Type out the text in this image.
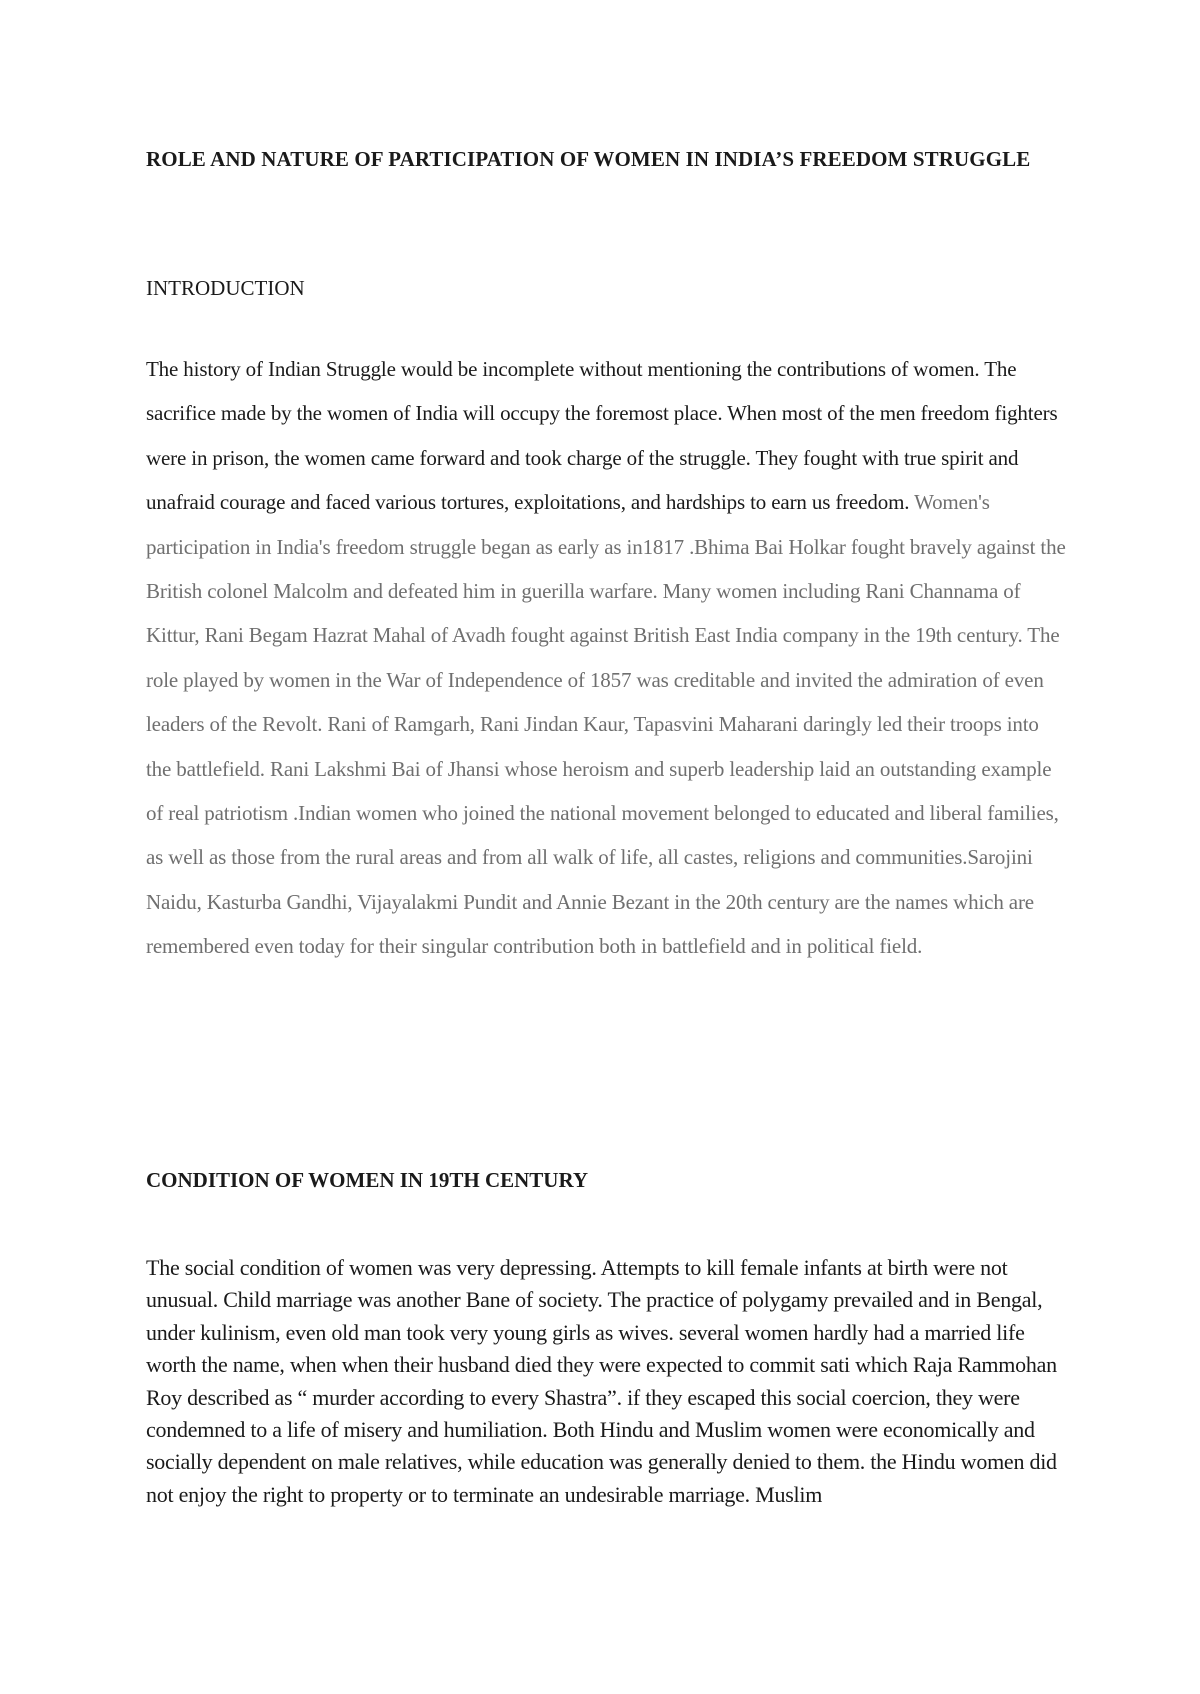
ROLE AND NATURE OF PARTICIPATION OF WOMEN IN INDIA’S FREEDOM STRUGGLE
INTRODUCTION
The history of Indian Struggle would be incomplete without mentioning the contributions of women. The sacrifice made by the women of India will occupy the foremost place. When most of the men freedom fighters were in prison, the women came forward and took charge of the struggle. They fought with true spirit and unafraid courage and faced various tortures, exploitations, and hardships to earn us freedom. Women's participation in India's freedom struggle began as early as in1817 .Bhima Bai Holkar fought bravely against the British colonel Malcolm and defeated him in guerilla warfare. Many women including Rani Channama of Kittur, Rani Begam Hazrat Mahal of Avadh fought against British East India company in the 19th century. The role played by women in the War of Independence of 1857 was creditable and invited the admiration of even leaders of the Revolt. Rani of Ramgarh, Rani Jindan Kaur, Tapasvini Maharani daringly led their troops into the battlefield. Rani Lakshmi Bai of Jhansi whose heroism and superb leadership laid an outstanding example of real patriotism .Indian women who joined the national movement belonged to educated and liberal families, as well as those from the rural areas and from all walk of life, all castes, religions and communities.Sarojini Naidu, Kasturba Gandhi, Vijayalakmi Pundit and Annie Bezant in the 20th century are the names which are remembered even today for their singular contribution both in battlefield and in political field.
CONDITION OF WOMEN IN 19TH CENTURY
The social condition of women was very depressing. Attempts to kill female infants at birth were not unusual. Child marriage was another Bane of society. The practice of polygamy prevailed and in Bengal, under kulinism, even old man took very young girls as wives. several women hardly had a married life worth the name, when when their husband died they were expected to commit sati which Raja Rammohan Roy described as “ murder according to every Shastra”. if they escaped this social coercion, they were condemned to a life of misery and humiliation. Both Hindu and Muslim women were economically and socially dependent on male relatives, while education was generally denied to them. the Hindu women did not enjoy the right to property or to terminate an undesirable marriage. Muslim
